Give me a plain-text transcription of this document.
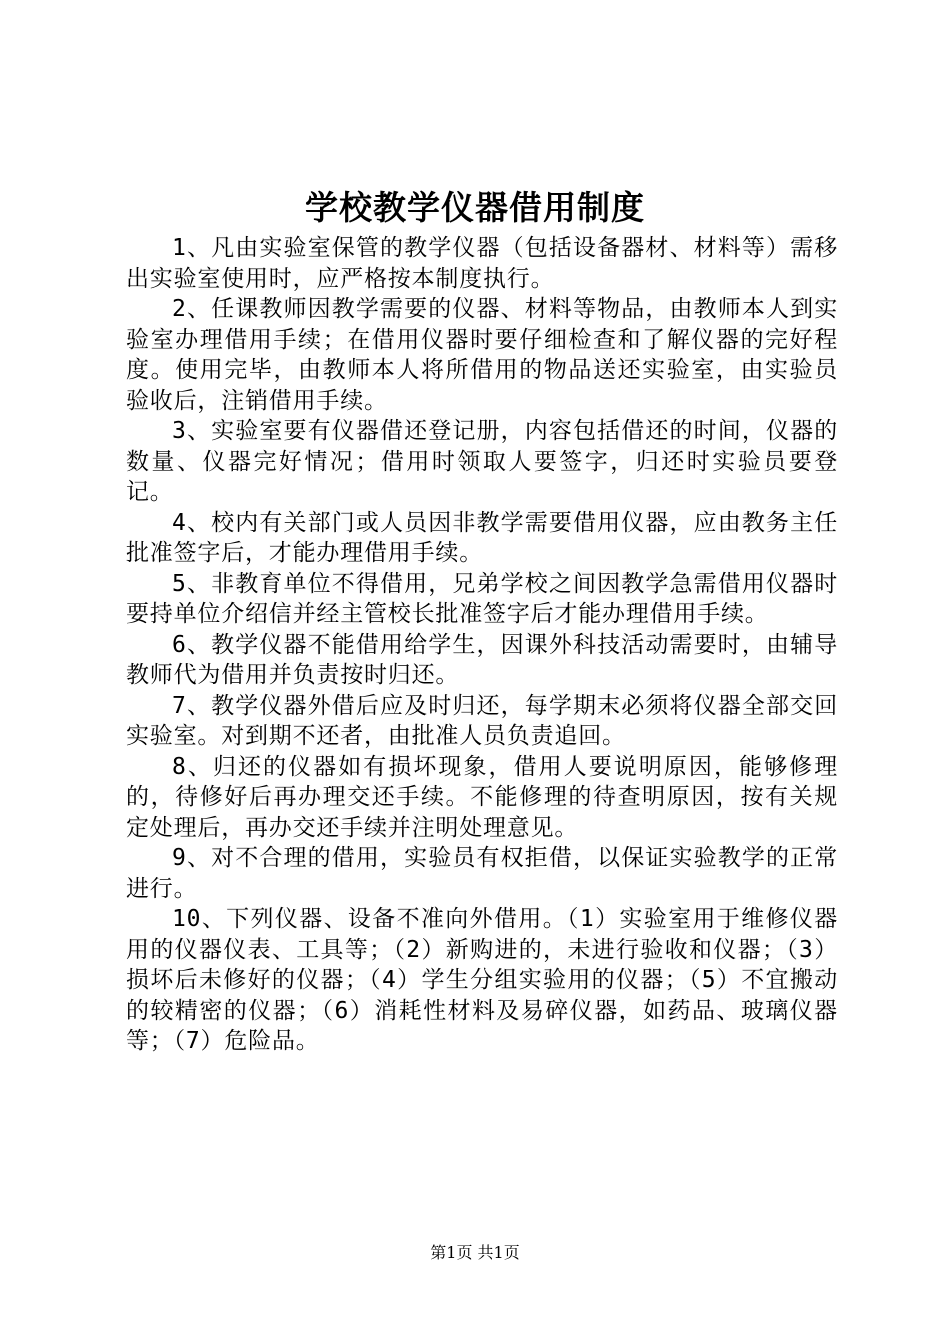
学校教学仪器借用制度

1、凡由实验室保管的教学仪器（包括设备器材、材料等）需移出实验室使用时，应严格按本制度执行。

2、任课教师因教学需要的仪器、材料等物品，由教师本人到实验室办理借用手续；在借用仪器时要仔细检查和了解仪器的完好程度。使用完毕，由教师本人将所借用的物品送还实验室，由实验员验收后，注销借用手续。

3、实验室要有仪器借还登记册，内容包括借还的时间，仪器的数量、仪器完好情况；借用时领取人要签字，归还时实验员要登记。

4、校内有关部门或人员因非教学需要借用仪器，应由教务主任批准签字后，才能办理借用手续。

5、非教育单位不得借用，兄弟学校之间因教学急需借用仪器时要持单位介绍信并经主管校长批准签字后才能办理借用手续。

6、教学仪器不能借用给学生，因课外科技活动需要时，由辅导教师代为借用并负责按时归还。

7、教学仪器外借后应及时归还，每学期末必须将仪器全部交回实验室。对到期不还者，由批准人员负责追回。

8、归还的仪器如有损坏现象，借用人要说明原因，能够修理的，待修好后再办理交还手续。不能修理的待查明原因，按有关规定处理后，再办交还手续并注明处理意见。

9、对不合理的借用，实验员有权拒借，以保证实验教学的正常进行。

10、下列仪器、设备不准向外借用。（1）实验室用于维修仪器用的仪器仪表、工具等；（2）新购进的，未进行验收和仪器；（3）损坏后未修好的仪器；（4）学生分组实验用的仪器；（5）不宜搬动的较精密的仪器；（6）消耗性材料及易碎仪器，如药品、玻璃仪器等；（7）危险品。

第1页 共1页
